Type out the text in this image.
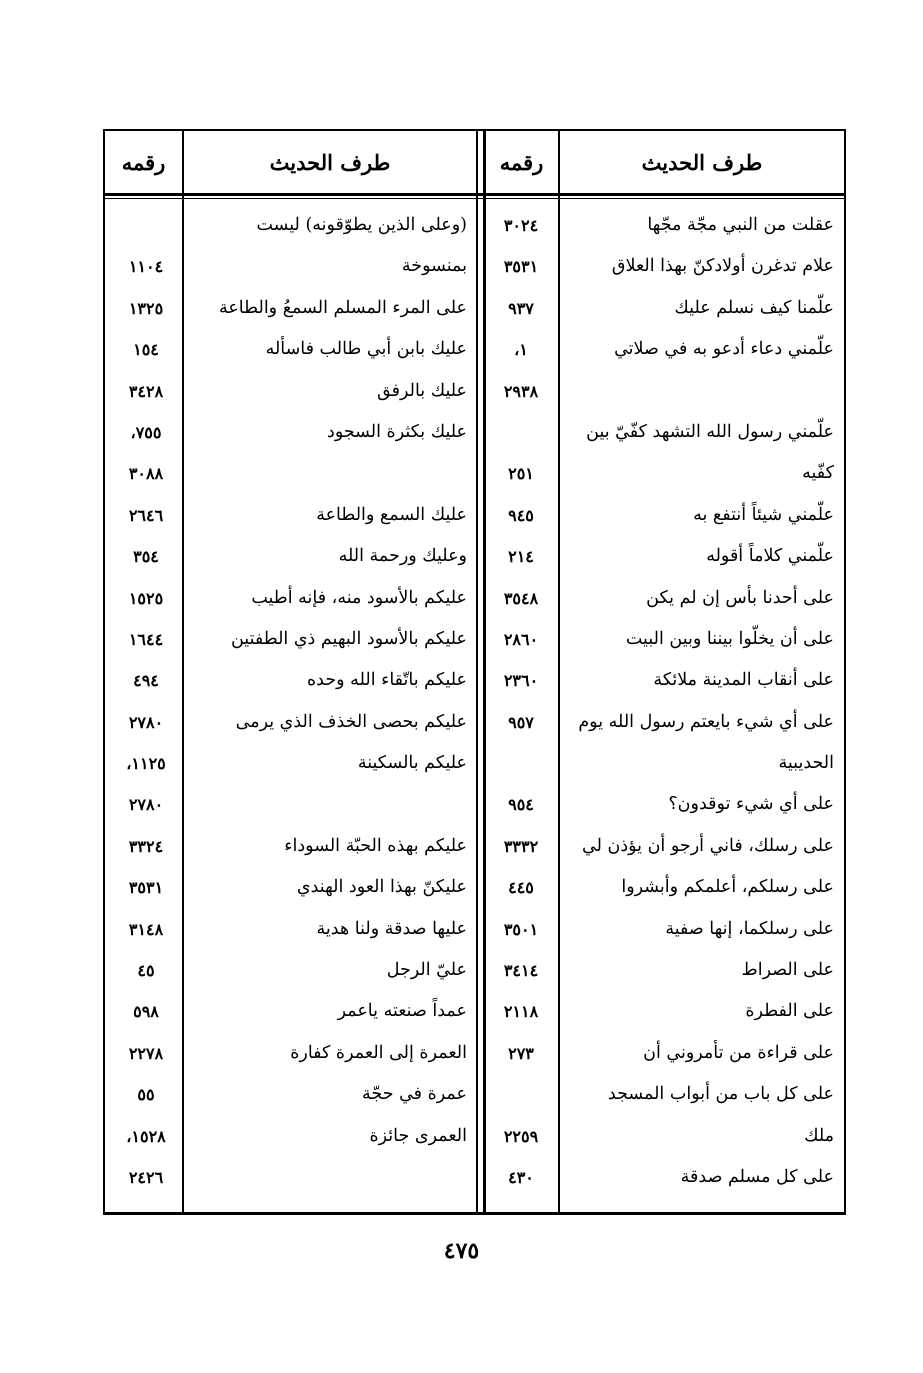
طرف الحديث
رقمه
طرف الحديث
رقمه
عقلت من النبي مجّة مجّها
٣٠٢٤
(وعلى الذين يطوّقونه) ليست
علام تدغرن أولادكنّ بهذا العلاق
٣٥٣١
بمنسوخة
١١٠٤
علّمنا كيف نسلم عليك
٩٣٧
على المرء المسلم السمعُ والطاعة
١٣٢٥
علّمني دعاء أدعو به في صلاتي
١،
عليك بابن أبي طالب فاسأله
١٥٤
٢٩٣٨
عليك بالرفق
٣٤٢٨
علّمني رسول الله التشهد كفّيّ بين
عليك بكثرة السجود
٧٥٥،
كفّيه
٢٥١
٣٠٨٨
علّمني شيئاً أنتفع به
٩٤٥
عليك السمع والطاعة
٢٦٤٦
علّمني كلاماً أقوله
٢١٤
وعليك ورحمة الله
٣٥٤
على أحدنا بأس إن لم يكن
٣٥٤٨
عليكم بالأسود منه، فإنه أطيب
١٥٢٥
على أن يخلّوا بيننا وبين البيت
٢٨٦٠
عليكم بالأسود البهيم ذي الطفتين
١٦٤٤
على أنقاب المدينة ملائكة
٢٣٦٠
عليكم باتّقاء الله وحده
٤٩٤
على أي شيء بايعتم رسول الله يوم
٩٥٧
عليكم بحصى الخذف الذي يرمى
٢٧٨٠
الحديبية
عليكم بالسكينة
١١٢٥،
على أي شيء توقدون؟
٩٥٤
٢٧٨٠
على رسلك، فاني أرجو أن يؤذن لي
٣٣٣٢
عليكم بهذه الحبّة السوداء
٣٣٢٤
على رسلكم، أعلمكم وأبشروا
٤٤٥
عليكنّ بهذا العود الهندي
٣٥٣١
على رسلكما، إنها صفية
٣٥٠١
عليها صدقة ولنا هدية
٣١٤٨
على الصراط
٣٤١٤
عليّ الرجل
٤٥
على الفطرة
٢١١٨
عمداً صنعته ياعمر
٥٩٨
على قراءة من تأمروني أن
٢٧٣
العمرة إلى العمرة كفارة
٢٢٧٨
على كل باب من أبواب المسجد
عمرة في حجّة
٥٥
ملك
٢٢٥٩
العمرى جائزة
١٥٢٨،
على كل مسلم صدقة
٤٣٠
٢٤٢٦
٤٧٥
